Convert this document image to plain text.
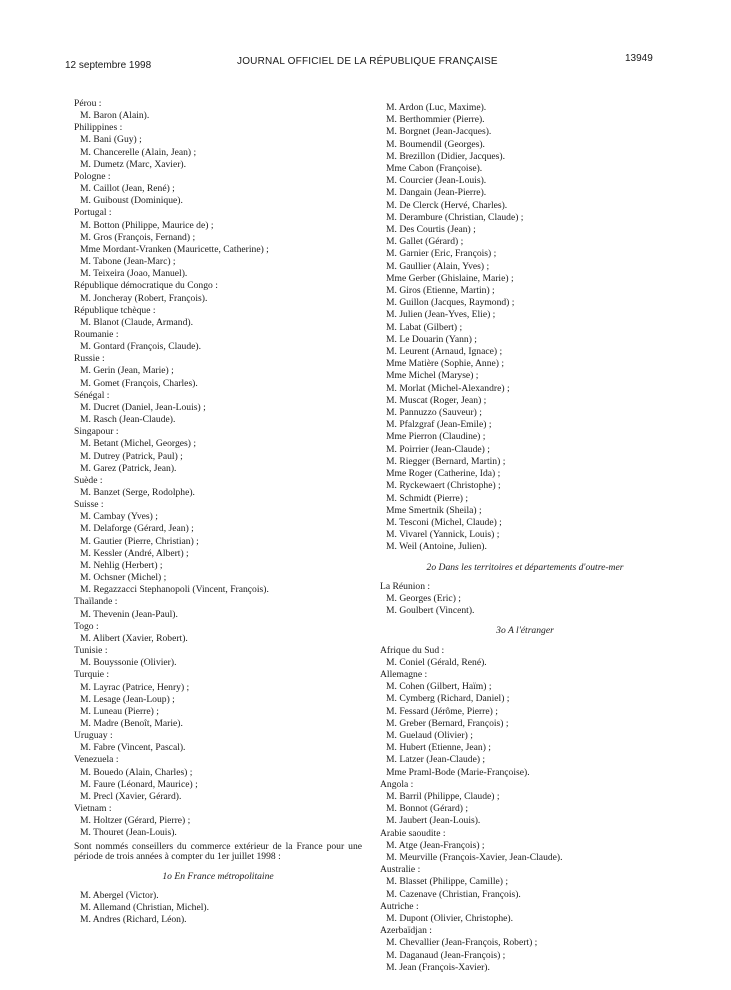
12 septembre 1998	JOURNAL OFFICIEL DE LA RÉPUBLIQUE FRANÇAISE	13949
Pérou :
M. Baron (Alain).
Philippines :
M. Bani (Guy) ;
M. Chancerelle (Alain, Jean) ;
M. Dumetz (Marc, Xavier).
Pologne :
M. Caillot (Jean, René) ;
M. Guiboust (Dominique).
Portugal :
M. Botton (Philippe, Maurice de) ;
M. Gros (François, Fernand) ;
Mme Mordant-Vranken (Mauricette, Catherine) ;
M. Tabone (Jean-Marc) ;
M. Teixeira (Joao, Manuel).
République démocratique du Congo :
M. Joncheray (Robert, François).
République tchèque :
M. Blanot (Claude, Armand).
Roumanie :
M. Gontard (François, Claude).
Russie :
M. Gerin (Jean, Marie) ;
M. Gomet (François, Charles).
Sénégal :
M. Ducret (Daniel, Jean-Louis) ;
M. Rasch (Jean-Claude).
Singapour :
M. Betant (Michel, Georges) ;
M. Dutrey (Patrick, Paul) ;
M. Garez (Patrick, Jean).
Suède :
M. Banzet (Serge, Rodolphe).
Suisse :
M. Cambay (Yves) ;
M. Delaforge (Gérard, Jean) ;
M. Gautier (Pierre, Christian) ;
M. Kessler (André, Albert) ;
M. Nehlig (Herbert) ;
M. Ochsner (Michel) ;
M. Regazzacci Stephanopoli (Vincent, François).
Thaïlande :
M. Thevenin (Jean-Paul).
Togo :
M. Alibert (Xavier, Robert).
Tunisie :
M. Bouyssonie (Olivier).
Turquie :
M. Layrac (Patrice, Henry) ;
M. Lesage (Jean-Loup) ;
M. Luneau (Pierre) ;
M. Madre (Benoît, Marie).
Uruguay :
M. Fabre (Vincent, Pascal).
Venezuela :
M. Bouedo (Alain, Charles) ;
M. Faure (Léonard, Maurice) ;
M. Precl (Xavier, Gérard).
Vietnam :
M. Holtzer (Gérard, Pierre) ;
M. Thouret (Jean-Louis).
Sont nommés conseillers du commerce extérieur de la France pour une période de trois années à compter du 1er juillet 1998 :
1o En France métropolitaine
M. Abergel (Victor).
M. Allemand (Christian, Michel).
M. Andres (Richard, Léon).
M. Ardon (Luc, Maxime).
M. Berthommier (Pierre).
M. Borgnet (Jean-Jacques).
M. Boumendil (Georges).
M. Brezillon (Didier, Jacques).
Mme Cabon (Françoise).
M. Courcier (Jean-Louis).
M. Dangain (Jean-Pierre).
M. De Clerck (Hervé, Charles).
M. Derambure (Christian, Claude) ;
M. Des Courtis (Jean) ;
M. Gallet (Gérard) ;
M. Garnier (Eric, François) ;
M. Gaullier (Alain, Yves) ;
Mme Gerber (Ghislaine, Marie) ;
M. Giros (Etienne, Martin) ;
M. Guillon (Jacques, Raymond) ;
M. Julien (Jean-Yves, Elie) ;
M. Labat (Gilbert) ;
M. Le Douarin (Yann) ;
M. Leurent (Arnaud, Ignace) ;
Mme Matière (Sophie, Anne) ;
Mme Michel (Maryse) ;
M. Morlat (Michel-Alexandre) ;
M. Muscat (Roger, Jean) ;
M. Pannuzzo (Sauveur) ;
M. Pfalzgraf (Jean-Emile) ;
Mme Pierron (Claudine) ;
M. Poirrier (Jean-Claude) ;
M. Riegger (Bernard, Martin) ;
Mme Roger (Catherine, Ida) ;
M. Ryckewaert (Christophe) ;
M. Schmidt (Pierre) ;
Mme Smertnik (Sheila) ;
M. Tesconi (Michel, Claude) ;
M. Vivarel (Yannick, Louis) ;
M. Weil (Antoine, Julien).
2o Dans les territoires et départements d'outre-mer
La Réunion :
M. Georges (Eric) ;
M. Goulbert (Vincent).
3o A l'étranger
Afrique du Sud :
M. Coniel (Gérald, René).
Allemagne :
M. Cohen (Gilbert, Haïm) ;
M. Cymberg (Richard, Daniel) ;
M. Fessard (Jérôme, Pierre) ;
M. Greber (Bernard, François) ;
M. Guelaud (Olivier) ;
M. Hubert (Etienne, Jean) ;
M. Latzer (Jean-Claude) ;
Mme Praml-Bode (Marie-Françoise).
Angola :
M. Barril (Philippe, Claude) ;
M. Bonnot (Gérard) ;
M. Jaubert (Jean-Louis).
Arabie saoudite :
M. Atge (Jean-François) ;
M. Meurville (François-Xavier, Jean-Claude).
Australie :
M. Blasset (Philippe, Camille) ;
M. Cazenave (Christian, François).
Autriche :
M. Dupont (Olivier, Christophe).
Azerbaïdjan :
M. Chevallier (Jean-François, Robert) ;
M. Daganaud (Jean-François) ;
M. Jean (François-Xavier).
